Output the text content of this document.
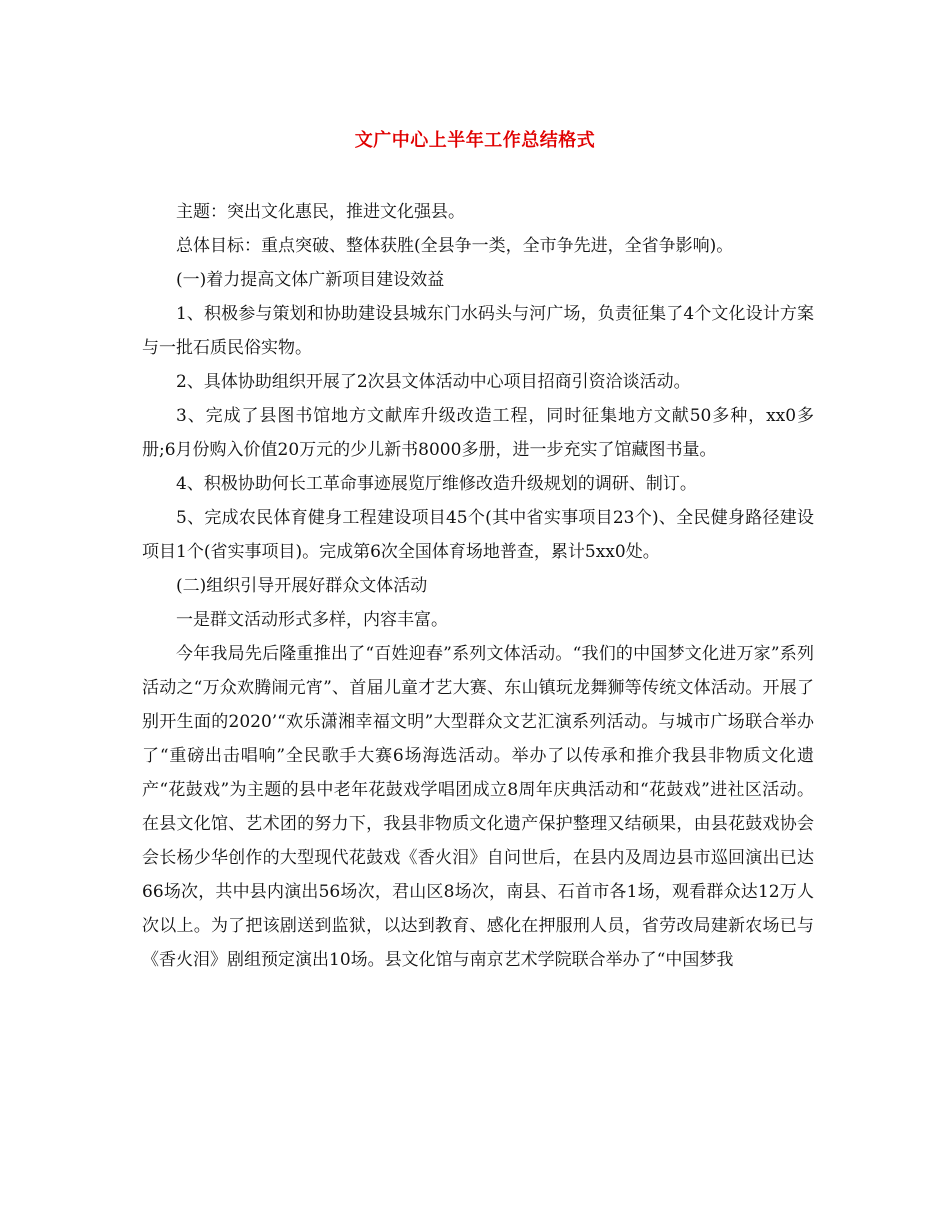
文广中心上半年工作总结格式

主题：突出文化惠民，推进文化强县。

总体目标：重点突破、整体获胜(全县争一类，全市争先进，全省争影响)。

(一)着力提高文体广新项目建设效益

1、积极参与策划和协助建设县城东门水码头与河广场，负责征集了4个文化设计方案与一批石质民俗实物。

2、具体协助组织开展了2次县文体活动中心项目招商引资洽谈活动。

3、完成了县图书馆地方文献库升级改造工程，同时征集地方文献50多种，xx0多册;6月份购入价值20万元的少儿新书8000多册，进一步充实了馆藏图书量。

4、积极协助何长工革命事迹展览厅维修改造升级规划的调研、制订。

5、完成农民体育健身工程建设项目45个(其中省实事项目23个)、全民健身路径建设项目1个(省实事项目)。完成第6次全国体育场地普查，累计5xx0处。

(二)组织引导开展好群众文体活动

一是群文活动形式多样，内容丰富。

今年我局先后隆重推出了“百姓迎春”系列文体活动。“我们的中国梦文化进万家”系列活动之“万众欢腾闹元宵”、首届儿童才艺大赛、东山镇玩龙舞狮等传统文体活动。开展了别开生面的2020’“欢乐潇湘幸福文明”大型群众文艺汇演系列活动。与城市广场联合举办了“重磅出击唱响”全民歌手大赛6场海选活动。举办了以传承和推介我县非物质文化遗产“花鼓戏”为主题的县中老年花鼓戏学唱团成立8周年庆典活动和“花鼓戏”进社区活动。在县文化馆、艺术团的努力下，我县非物质文化遗产保护整理又结硕果，由县花鼓戏协会会长杨少华创作的大型现代花鼓戏《香火泪》自问世后，在县内及周边县市巡回演出已达66场次，共中县内演出56场次，君山区8场次，南县、石首市各1场，观看群众达12万人次以上。为了把该剧送到监狱，以达到教育、感化在押服刑人员，省劳改局建新农场已与《香火泪》剧组预定演出10场。县文化馆与南京艺术学院联合举办了“中国梦我
